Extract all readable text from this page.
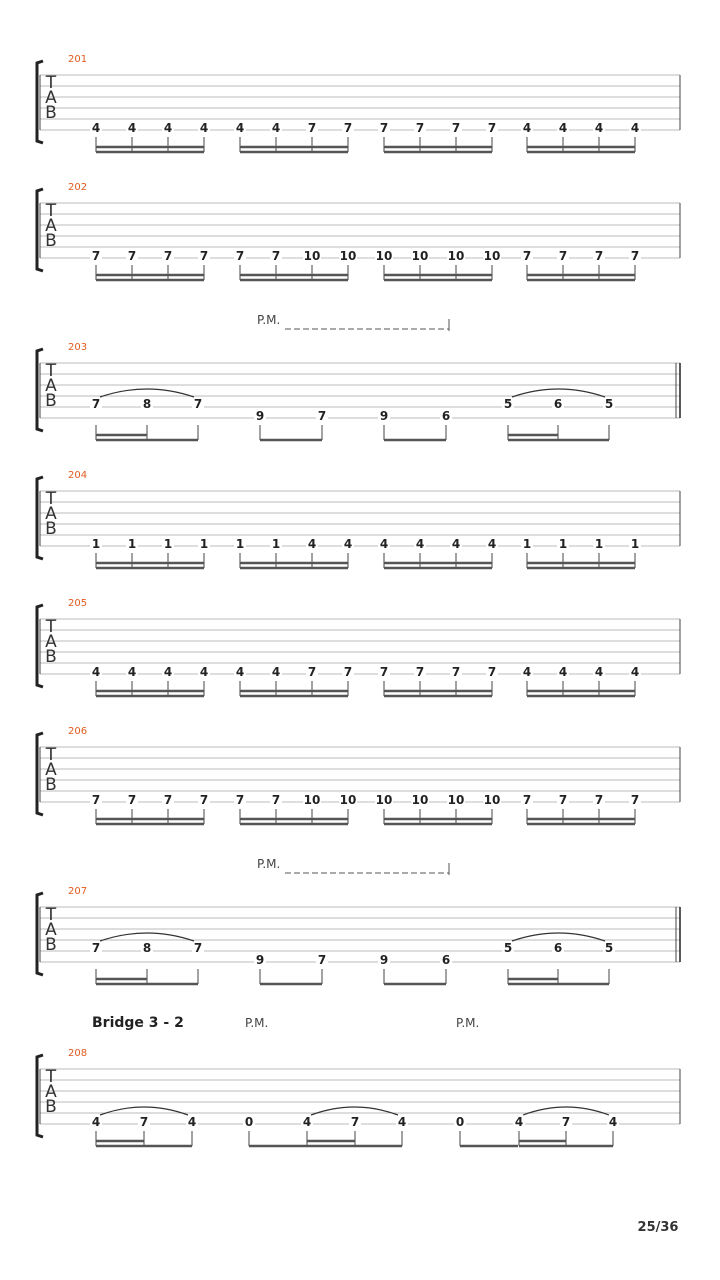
T
A
B
201
4 4 4 4 4 4 7 7 7 7 7 7 4 4 4 4
T
A
B
202
7 7 7 7 7 7 10 10 10 10 10 10 7 7 7 7
T
A
B
203
P.M.
7	8	7
9	7	9	6
5	6	5
T
A
B
204
1 1 1 1 1 1 4 4 4 4 4 4 1 1 1 1
T
A
B
205
4 4 4 4 4 4 7 7 7 7 7 7 4 4 4 4
T
A
B
206
7 7 7 7 7 7 10 10 10 10 10 10 7 7 7 7
T
A
B
207
P.M.
7	8	7
9	7	9	6
5	6	5
T
A
B
208
Bridge 3 - 2	P.M.	P.M.
4	7	4	0	4	7	4	0	4	7	4
25/36
